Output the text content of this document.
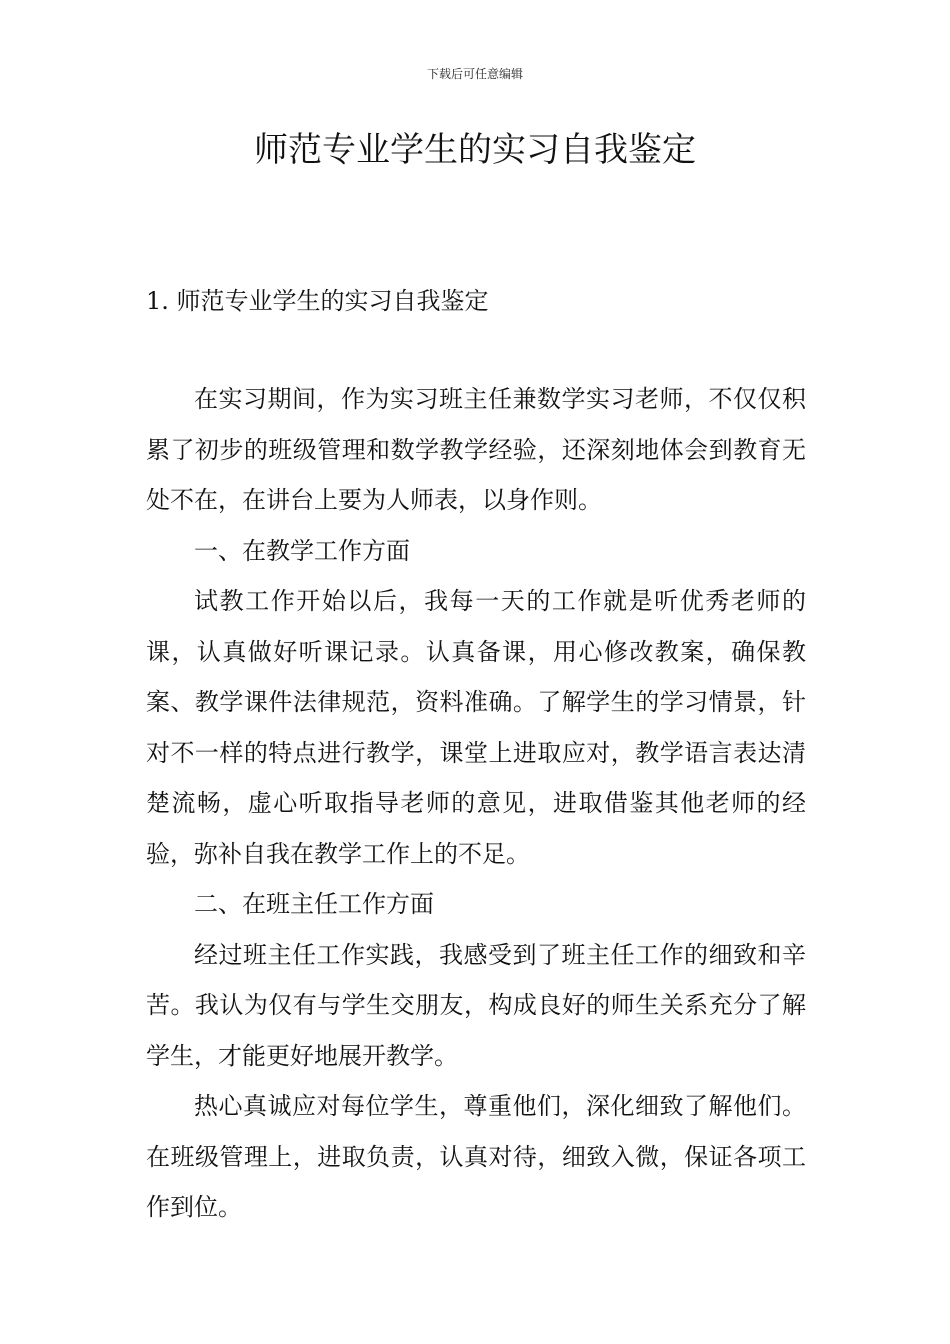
下载后可任意编辑
师范专业学生的实习自我鉴定
1. 师范专业学生的实习自我鉴定

在实习期间，作为实习班主任兼数学实习老师，不仅仅积累了初步的班级管理和数学教学经验，还深刻地体会到教育无处不在，在讲台上要为人师表，以身作则。

一、在教学工作方面

试教工作开始以后，我每一天的工作就是听优秀老师的课，认真做好听课记录。认真备课，用心修改教案，确保教案、教学课件法律规范，资料准确。了解学生的学习情景，针对不一样的特点进行教学，课堂上进取应对，教学语言表达清楚流畅，虚心听取指导老师的意见，进取借鉴其他老师的经验，弥补自我在教学工作上的不足。

二、在班主任工作方面

经过班主任工作实践，我感受到了班主任工作的细致和辛苦。我认为仅有与学生交朋友，构成良好的师生关系充分了解学生，才能更好地展开教学。

热心真诚应对每位学生，尊重他们，深化细致了解他们。在班级管理上，进取负责，认真对待，细致入微，保证各项工作到位。
